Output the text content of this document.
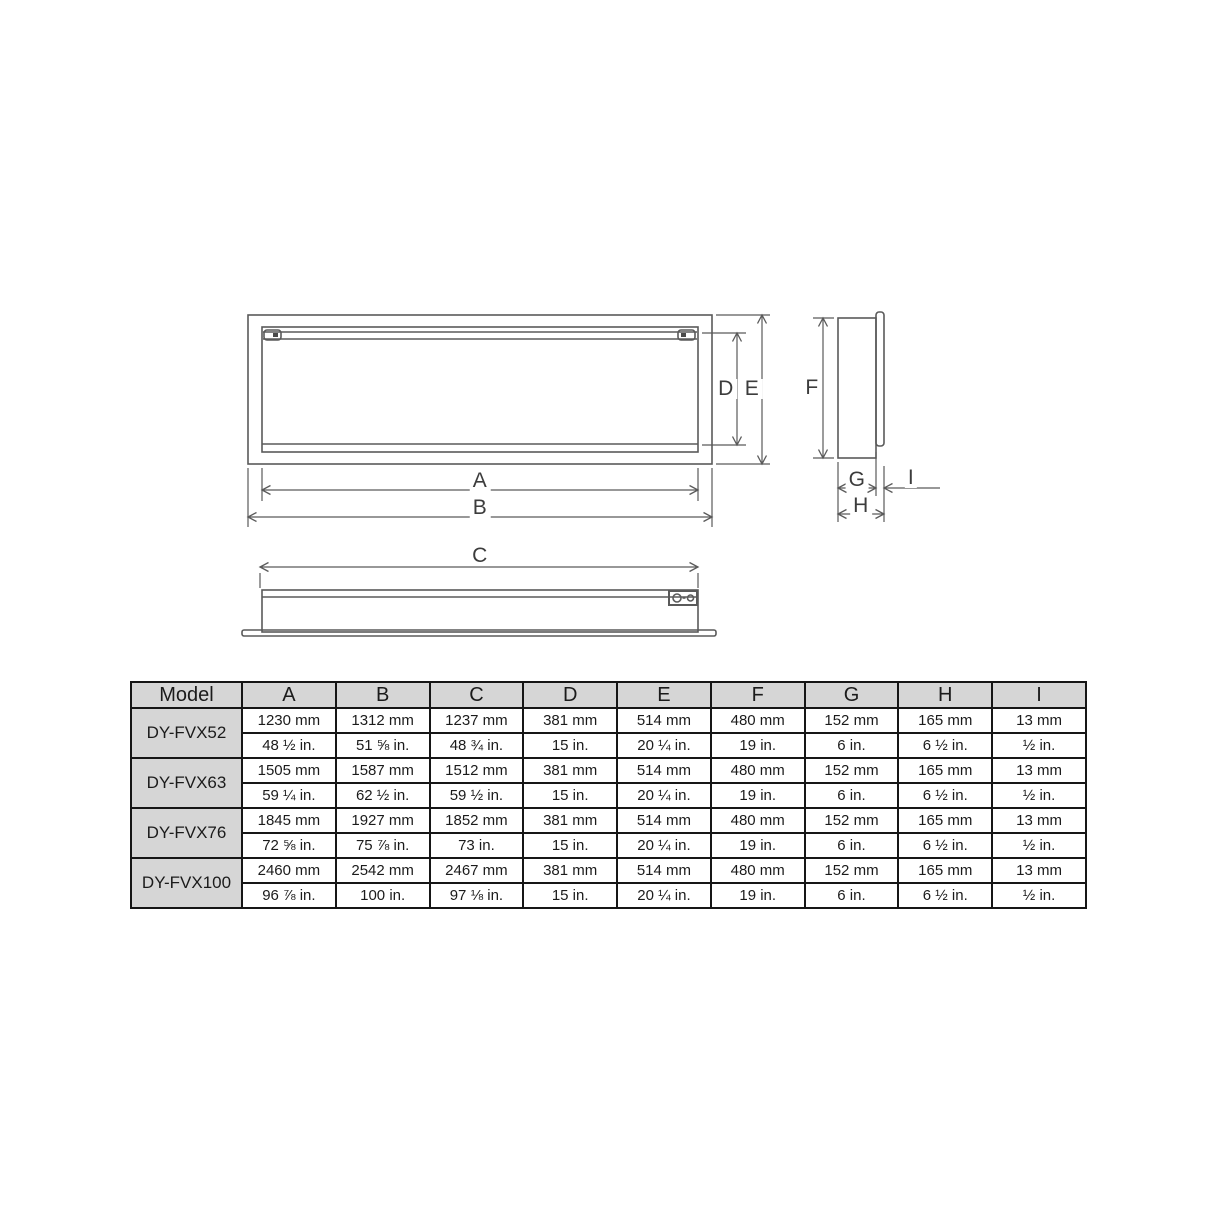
A
B
C
D E F
G
H
I
Model	A	B	C	D	E	F	G	H	I
DY-FVX52	1230 mm	1312 mm	1237 mm	381 mm	514 mm	480 mm	152 mm	165 mm	13 mm
	48 ½ in.	51 ⅝ in.	48 ¾ in.	15 in.	20 ¼ in.	19 in.	6 in.	6 ½ in.	½ in.
DY-FVX63	1505 mm	1587 mm	1512 mm	381 mm	514 mm	480 mm	152 mm	165 mm	13 mm
	59 ¼ in.	62 ½ in.	59 ½ in.	15 in.	20 ¼ in.	19 in.	6 in.	6 ½ in.	½ in.
DY-FVX76	1845 mm	1927 mm	1852 mm	381 mm	514 mm	480 mm	152 mm	165 mm	13 mm
	72 ⅝ in.	75 ⅞ in.	73 in.	15 in.	20 ¼ in.	19 in.	6 in.	6 ½ in.	½ in.
DY-FVX100	2460 mm	2542 mm	2467 mm	381 mm	514 mm	480 mm	152 mm	165 mm	13 mm
	96 ⅞ in.	100 in.	97 ⅛ in.	15 in.	20 ¼ in.	19 in.	6 in.	6 ½ in.	½ in.
